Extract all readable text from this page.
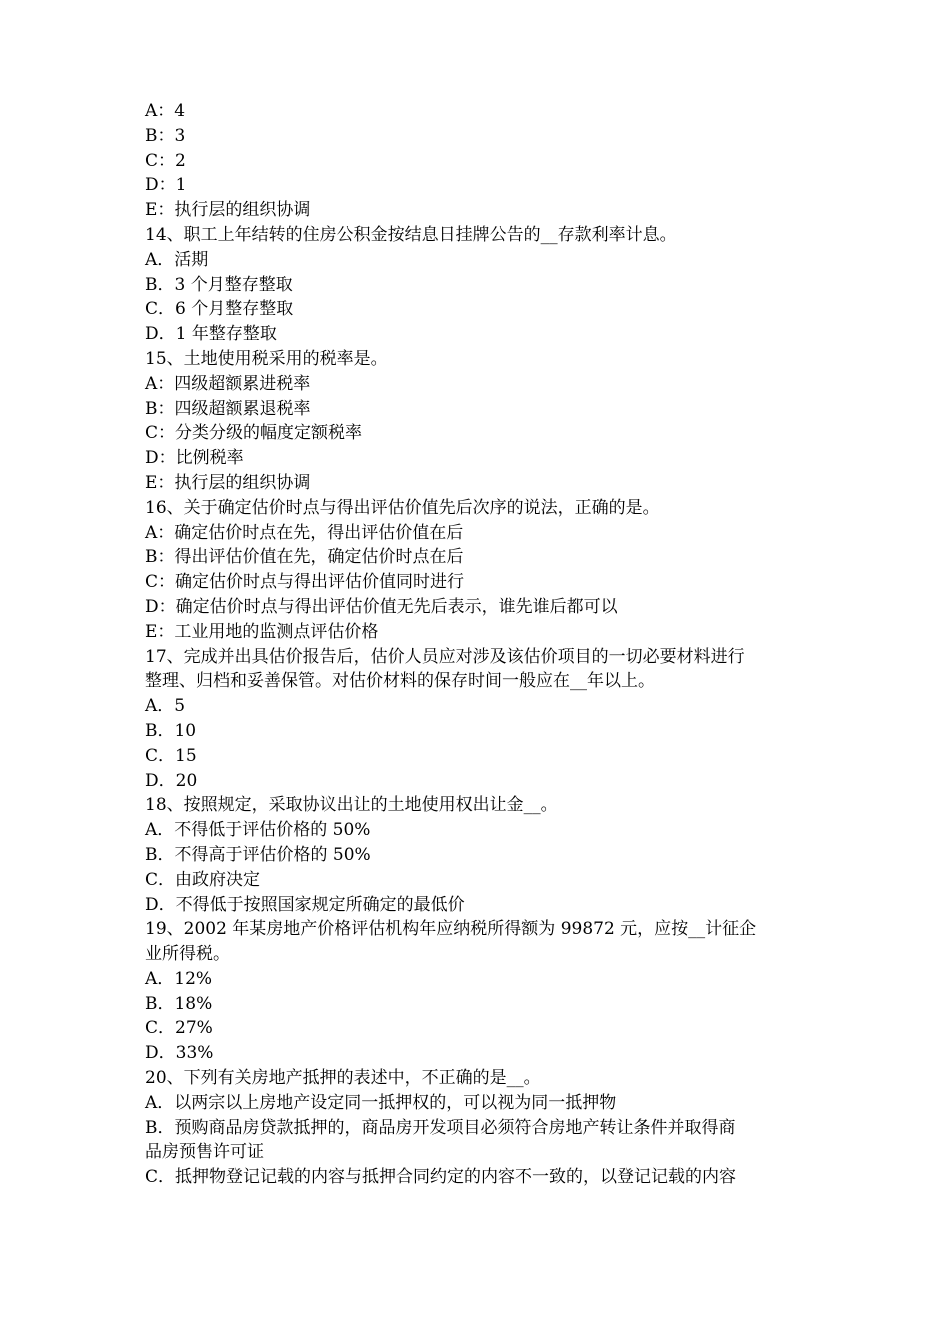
A：4
B：3
C：2
D：1
E：执行层的组织协调
14、职工上年结转的住房公积金按结息日挂牌公告的__存款利率计息。
A．活期
B．3 个月整存整取
C．6 个月整存整取
D．1 年整存整取
15、土地使用税采用的税率是。
A：四级超额累进税率
B：四级超额累退税率
C：分类分级的幅度定额税率
D：比例税率
E：执行层的组织协调
16、关于确定估价时点与得出评估价值先后次序的说法，正确的是。
A：确定估价时点在先，得出评估价值在后
B：得出评估价值在先，确定估价时点在后
C：确定估价时点与得出评估价值同时进行
D：确定估价时点与得出评估价值无先后表示，谁先谁后都可以
E：工业用地的监测点评估价格
17、完成并出具估价报告后，估价人员应对涉及该估价项目的一切必要材料进行
整理、归档和妥善保管。对估价材料的保存时间一般应在__年以上。
A．5
B．10
C．15
D．20
18、按照规定，采取协议出让的土地使用权出让金__。
A．不得低于评估价格的 50%
B．不得高于评估价格的 50%
C．由政府决定
D．不得低于按照国家规定所确定的最低价
19、2002 年某房地产价格评估机构年应纳税所得额为 99872 元，应按__计征企
业所得税。
A．12%
B．18%
C．27%
D．33%
20、下列有关房地产抵押的表述中，不正确的是__。
A．以两宗以上房地产设定同一抵押权的，可以视为同一抵押物
B．预购商品房贷款抵押的，商品房开发项目必须符合房地产转让条件并取得商
品房预售许可证
C．抵押物登记记载的内容与抵押合同约定的内容不一致的，以登记记载的内容
